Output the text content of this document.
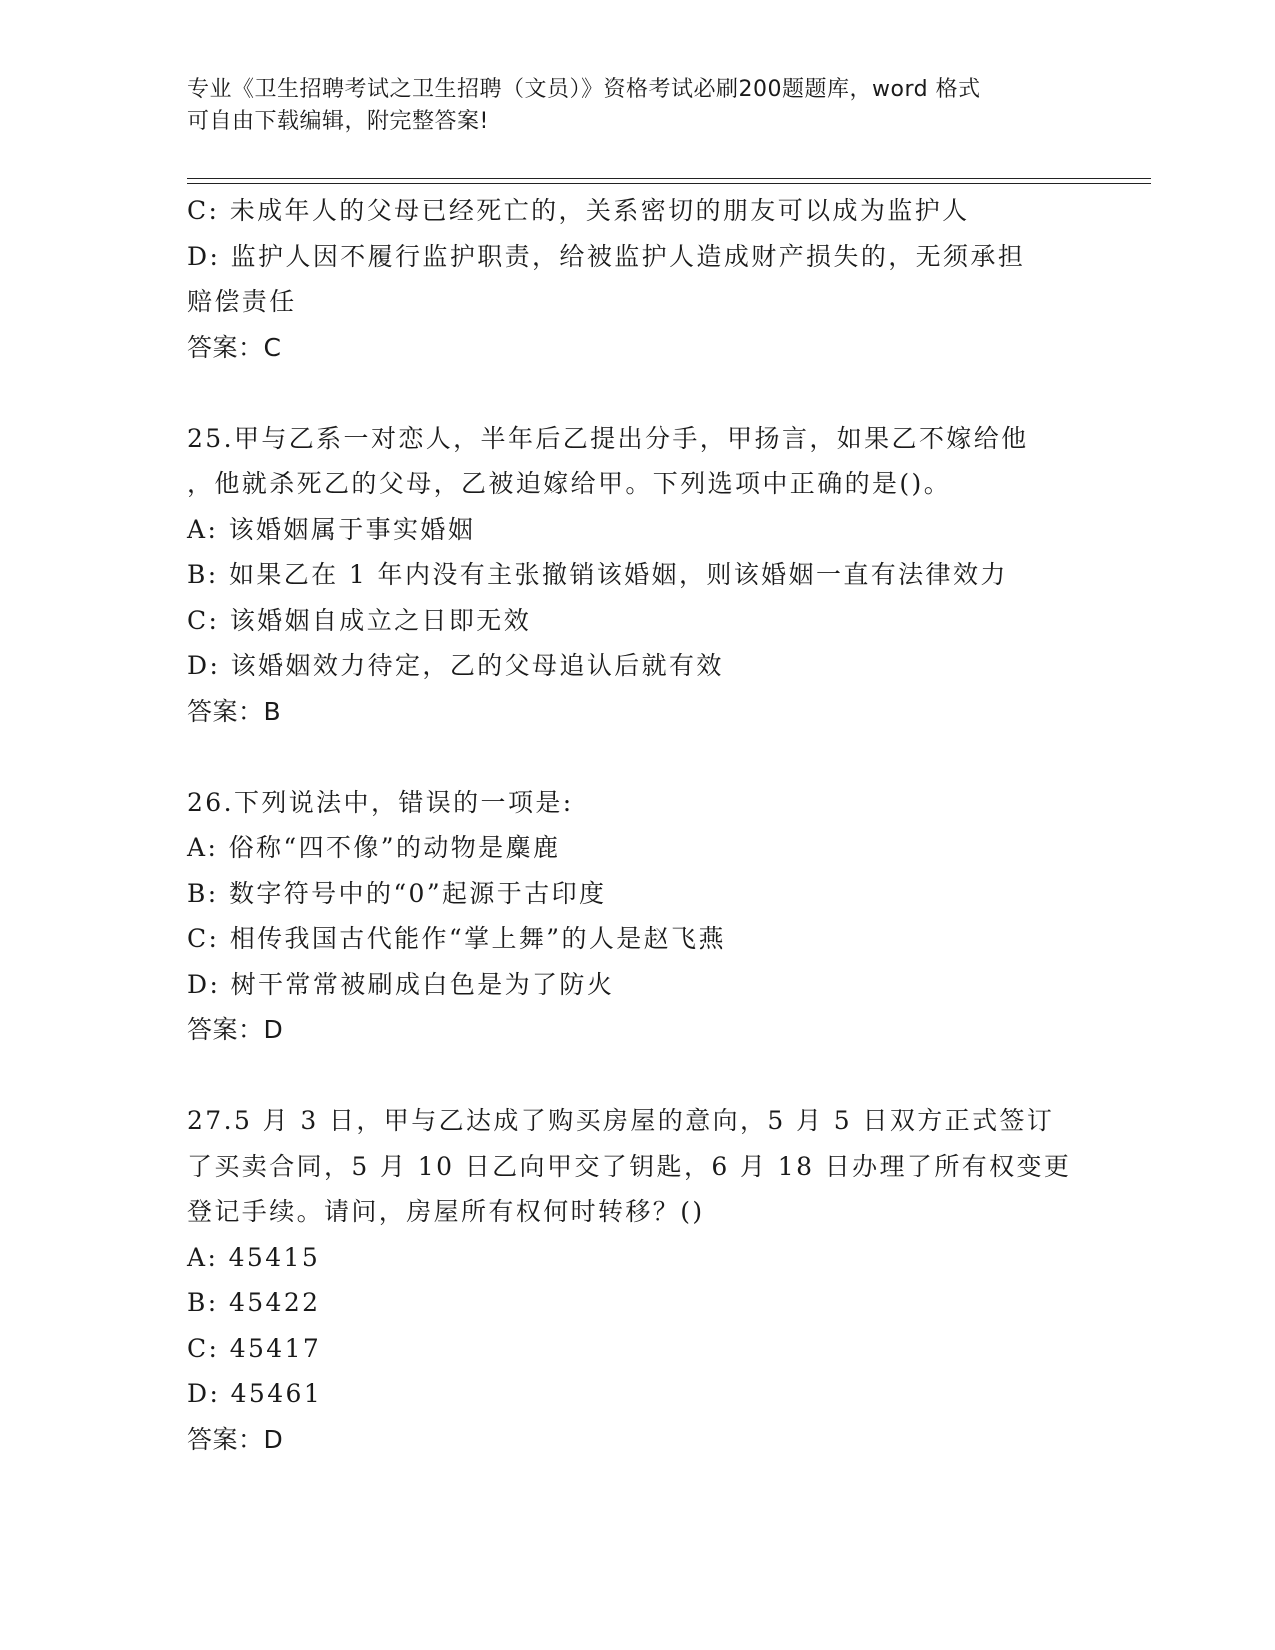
专业《卫生招聘考试之卫生招聘（文员）》资格考试必刷200题题库，word 格式
可自由下载编辑，附完整答案!
C: 未成年人的父母已经死亡的，关系密切的朋友可以成为监护人
D: 监护人因不履行监护职责，给被监护人造成财产损失的，无须承担
赔偿责任
答案：C
25.甲与乙系一对恋人，半年后乙提出分手，甲扬言，如果乙不嫁给他
，他就杀死乙的父母，乙被迫嫁给甲。下列选项中正确的是()。
A: 该婚姻属于事实婚姻
B: 如果乙在 1 年内没有主张撤销该婚姻，则该婚姻一直有法律效力
C: 该婚姻自成立之日即无效
D: 该婚姻效力待定，乙的父母追认后就有效
答案：B
26.下列说法中，错误的一项是:
A: 俗称“四不像”的动物是麋鹿
B: 数字符号中的“0”起源于古印度
C: 相传我国古代能作“掌上舞”的人是赵飞燕
D: 树干常常被刷成白色是为了防火
答案：D
27.5 月 3 日，甲与乙达成了购买房屋的意向，5 月 5 日双方正式签订
了买卖合同，5 月 10 日乙向甲交了钥匙，6 月 18 日办理了所有权变更
登记手续。请问，房屋所有权何时转移？()
A: 45415
B: 45422
C: 45417
D: 45461
答案：D
